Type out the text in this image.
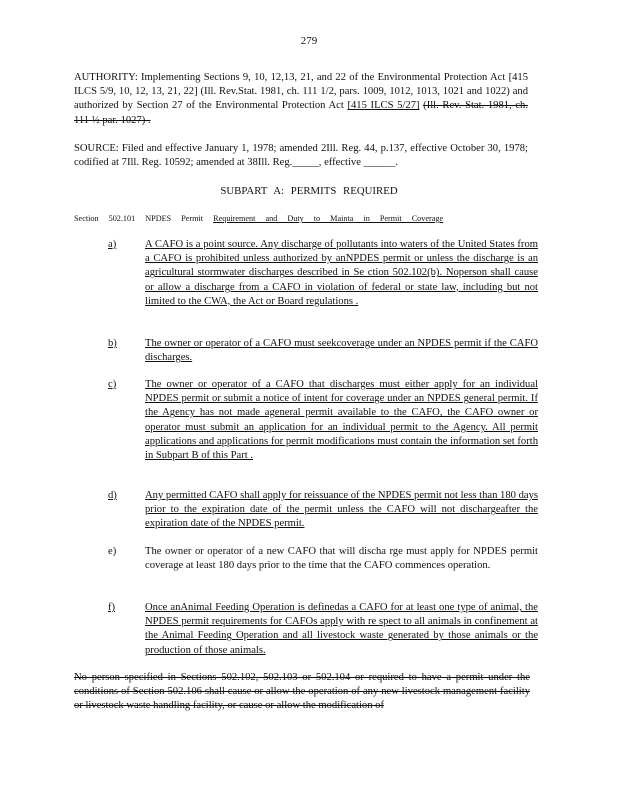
279
AUTHORITY: Implementing Sections 9, 10, 12,13, 21, and 22 of the Environmental Protection Act [415 ILCS 5/9, 10, 12, 13, 21, 22] (Ill. Rev.Stat. 1981, ch. 111 1/2, pars. 1009, 1012, 1013, 1021 and 1022) and authorized by Section 27 of the Environmental Protection Act [415 ILCS 5/27] (Ill. Rev. Stat. 1981, ch. 111 ½ par. 1027) .
SOURCE: Filed and effective January 1, 1978; amended 2Ill. Reg. 44, p.137, effective October 30, 1978; codified at 7Ill. Reg. 10592; amended at 38Ill. Reg._____, effective ______.
SUBPART A: PERMITS REQUIRED
Section 502.101 NPDES Permit Requirement and Duty to Mainta in Permit Coverage
a)	A CAFO is a point source. Any discharge of pollutants into waters of the United States from a CAFO is prohibited unless authorized by anNPDES permit or unless the discharge is an agricultural stormwater discharges described in Se ction 502.102(b). Noperson shall cause or allow a discharge from a CAFO in violation of federal or state law, including but not limited to the CWA, the Act or Board regulations .
b)	The owner or operator of a CAFO must seekcoverage under an NPDES permit if the CAFO discharges.
c)	The owner or operator of a CAFO that discharges must either apply for an individual NPDES permit or submit a notice of intent for coverage under an NPDES general permit. If the Agency has not made ageneral permit available to the CAFO, the CAFO owner or operator must submit an application for an individual permit to the Agency. All permit applications and applications for permit modifications must contain the information set forth in Subpart B of this Part .
d)	Any permitted CAFO shall apply for reissuance of the NPDES permit not less than 180 days prior to the expiration date of the permit unless the CAFO will not dischargeafter the expiration date of the NPDES permit.
e)	The owner or operator of a new CAFO that will discha rge must apply for NPDES permit coverage at least 180 days prior to the time that the CAFO commences operation.
f)	Once anAnimal Feeding Operation is definedas a CAFO for at least one type of animal, the NPDES permit requirements for CAFOs apply with re spect to all animals in confinement at the Animal Feeding Operation and all livestock waste generated by those animals or the production of those animals.
No person specified in Sections 502.102, 502.103 or 502.104 or required to have a permit under the conditions of Section 502.106 shall cause or allow the operation of any new livestock management facility or livestock waste handling facility, or cause or allow the modification of
